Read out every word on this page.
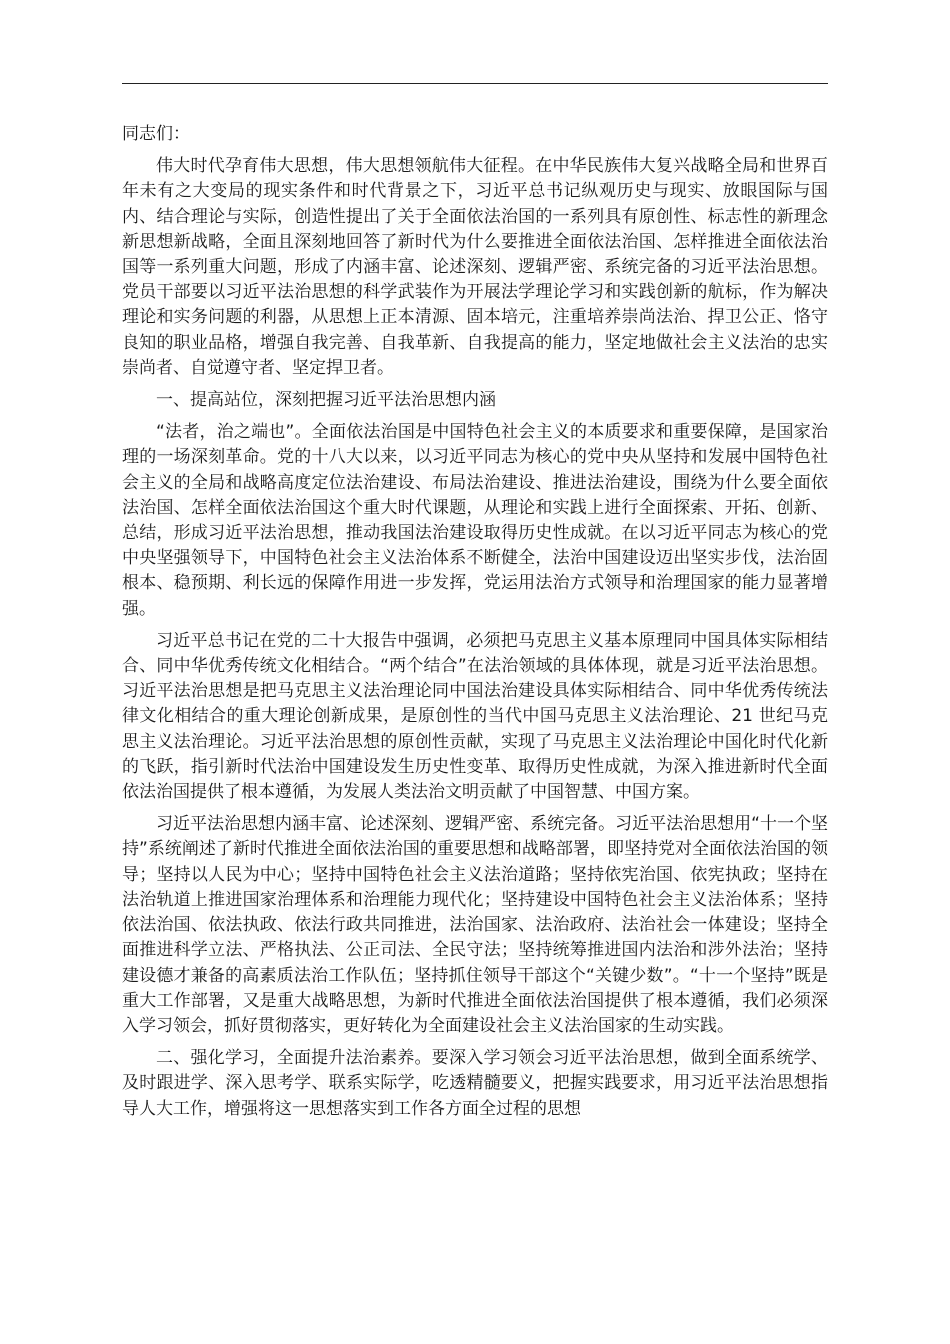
同志们：

伟大时代孕育伟大思想，伟大思想领航伟大征程。在中华民族伟大复兴战略全局和世界百年未有之大变局的现实条件和时代背景之下，习近平总书记纵观历史与现实、放眼国际与国内、结合理论与实际，创造性提出了关于全面依法治国的一系列具有原创性、标志性的新理念新思想新战略，全面且深刻地回答了新时代为什么要推进全面依法治国、怎样推进全面依法治国等一系列重大问题，形成了内涵丰富、论述深刻、逻辑严密、系统完备的习近平法治思想。党员干部要以习近平法治思想的科学武装作为开展法学理论学习和实践创新的航标，作为解决理论和实务问题的利器，从思想上正本清源、固本培元，注重培养崇尚法治、捍卫公正、恪守良知的职业品格，增强自我完善、自我革新、自我提高的能力，坚定地做社会主义法治的忠实崇尚者、自觉遵守者、坚定捍卫者。

一、提高站位，深刻把握习近平法治思想内涵

“法者，治之端也”。全面依法治国是中国特色社会主义的本质要求和重要保障，是国家治理的一场深刻革命。党的十八大以来，以习近平同志为核心的党中央从坚持和发展中国特色社会主义的全局和战略高度定位法治建设、布局法治建设、推进法治建设，围绕为什么要全面依法治国、怎样全面依法治国这个重大时代课题，从理论和实践上进行全面探索、开拓、创新、总结，形成习近平法治思想，推动我国法治建设取得历史性成就。在以习近平同志为核心的党中央坚强领导下，中国特色社会主义法治体系不断健全，法治中国建设迈出坚实步伐，法治固根本、稳预期、利长远的保障作用进一步发挥，党运用法治方式领导和治理国家的能力显著增强。

习近平总书记在党的二十大报告中强调，必须把马克思主义基本原理同中国具体实际相结合、同中华优秀传统文化相结合。“两个结合”在法治领域的具体体现，就是习近平法治思想。习近平法治思想是把马克思主义法治理论同中国法治建设具体实际相结合、同中华优秀传统法律文化相结合的重大理论创新成果，是原创性的当代中国马克思主义法治理论、21 世纪马克思主义法治理论。习近平法治思想的原创性贡献，实现了马克思主义法治理论中国化时代化新的飞跃，指引新时代法治中国建设发生历史性变革、取得历史性成就，为深入推进新时代全面依法治国提供了根本遵循，为发展人类法治文明贡献了中国智慧、中国方案。

习近平法治思想内涵丰富、论述深刻、逻辑严密、系统完备。习近平法治思想用“十一个坚持”系统阐述了新时代推进全面依法治国的重要思想和战略部署，即坚持党对全面依法治国的领导；坚持以人民为中心；坚持中国特色社会主义法治道路；坚持依宪治国、依宪执政；坚持在法治轨道上推进国家治理体系和治理能力现代化；坚持建设中国特色社会主义法治体系；坚持依法治国、依法执政、依法行政共同推进，法治国家、法治政府、法治社会一体建设；坚持全面推进科学立法、严格执法、公正司法、全民守法；坚持统筹推进国内法治和涉外法治；坚持建设德才兼备的高素质法治工作队伍；坚持抓住领导干部这个“关键少数”。“十一个坚持”既是重大工作部署，又是重大战略思想，为新时代推进全面依法治国提供了根本遵循，我们必须深入学习领会，抓好贯彻落实，更好转化为全面建设社会主义法治国家的生动实践。

二、强化学习，全面提升法治素养。要深入学习领会习近平法治思想，做到全面系统学、及时跟进学、深入思考学、联系实际学，吃透精髓要义，把握实践要求，用习近平法治思想指导人大工作，增强将这一思想落实到工作各方面全过程的思想
